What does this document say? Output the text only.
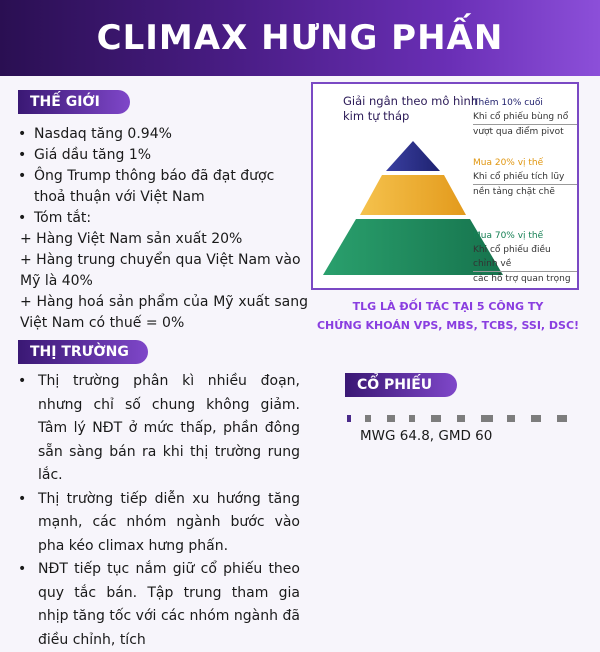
CLIMAX HƯNG PHẤN
THẾ GIỚI
• Nasdaq tăng 0.94%
• Giá dầu tăng 1%
• Ông Trump thông báo đã đạt được thoả thuận với Việt Nam
• Tóm tắt:
+ Hàng Việt Nam sản xuất 20%
+ Hàng trung chuyển qua Việt Nam vào Mỹ là 40%
+ Hàng hoá sản phẩm của Mỹ xuất sang Việt Nam có thuế = 0%
THỊ TRƯỜNG
• Thị trường phân kì nhiều đoạn, nhưng chỉ số chung không giảm. Tâm lý NĐT ở mức thấp, phần đông sẵn sàng bán ra khi thị trường rung lắc.
• Thị trường tiếp diễn xu hướng tăng mạnh, các nhóm ngành bước vào pha kéo climax hưng phấn.
• NĐT tiếp tục nắm giữ cổ phiếu theo quy tắc bán. Tập trung tham gia nhịp tăng tốc với các nhóm ngành đã điều chỉnh, tích
Giải ngân theo mô hình kim tự tháp
Thêm 10% cuối
Khi cổ phiếu bùng nổ
vượt qua điểm pivot
Mua 20% vị thế
Khi cổ phiếu tích lũy
nền tảng chặt chẽ
Mua 70% vị thế
Khi cổ phiếu điều chỉnh về
các hỗ trợ quan trọng
TLG LÀ ĐỐI TÁC TẠI 5 CÔNG TY
CHỨNG KHOÁN VPS, MBS, TCBS, SSI, DSC!
CỔ PHIẾU
MWG 64.8, GMD 60
